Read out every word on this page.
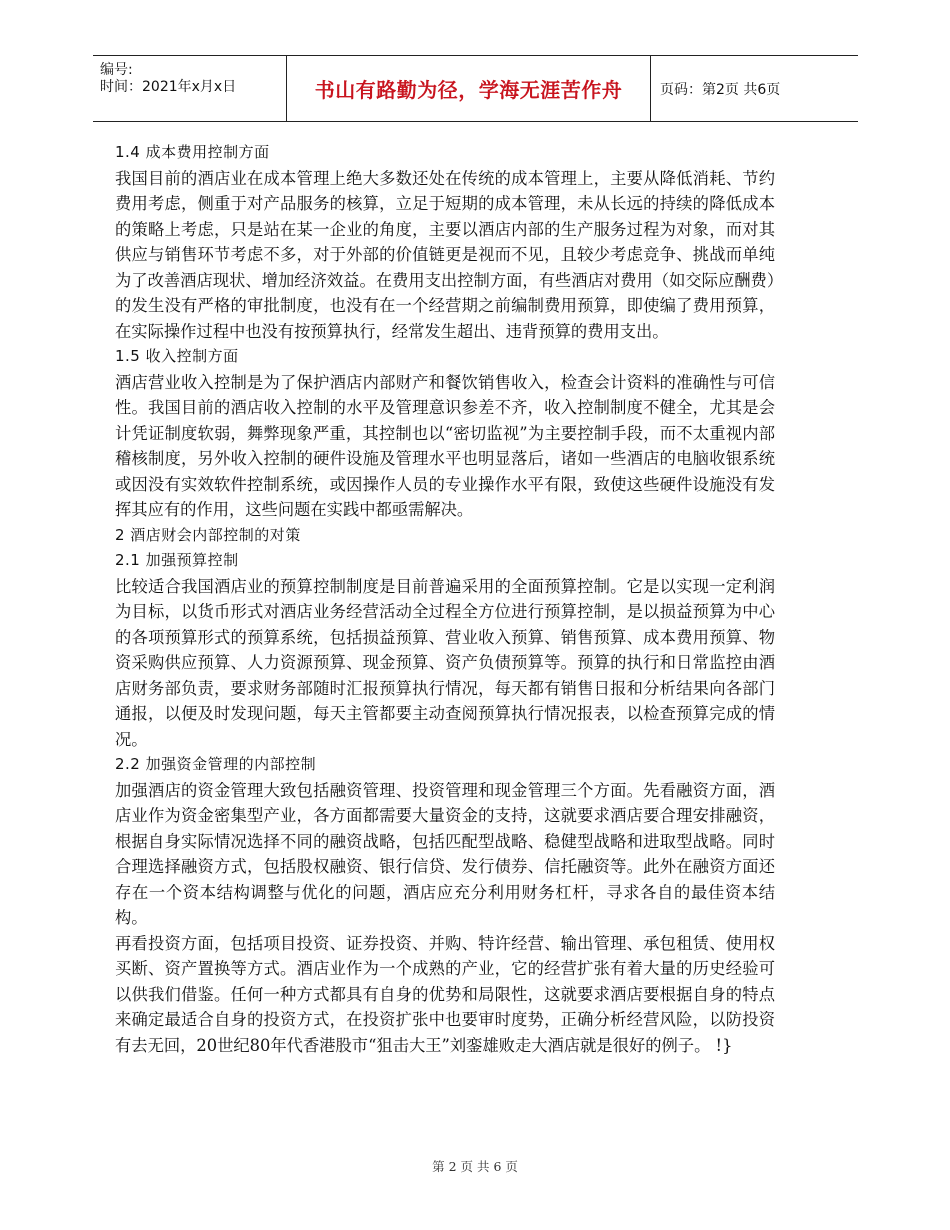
编号:
时间：2021年x月x日	书山有路勤为径，学海无涯苦作舟	页码：第2页 共6页

1.4 成本费用控制方面

我国目前的酒店业在成本管理上绝大多数还处在传统的成本管理上，主要从降低消耗、节约费用考虑，侧重于对产品服务的核算，立足于短期的成本管理，未从长远的持续的降低成本的策略上考虑，只是站在某一企业的角度，主要以酒店内部的生产服务过程为对象，而对其供应与销售环节考虑不多，对于外部的价值链更是视而不见，且较少考虑竞争、挑战而单纯为了改善酒店现状、增加经济效益。在费用支出控制方面，有些酒店对费用（如交际应酬费）的发生没有严格的审批制度，也没有在一个经营期之前编制费用预算，即使编了费用预算，在实际操作过程中也没有按预算执行，经常发生超出、违背预算的费用支出。

1.5 收入控制方面

酒店营业收入控制是为了保护酒店内部财产和餐饮销售收入，检查会计资料的准确性与可信性。我国目前的酒店收入控制的水平及管理意识参差不齐，收入控制制度不健全，尤其是会计凭证制度软弱，舞弊现象严重，其控制也以“密切监视”为主要控制手段，而不太重视内部稽核制度，另外收入控制的硬件设施及管理水平也明显落后，诸如一些酒店的电脑收银系统或因没有实效软件控制系统，或因操作人员的专业操作水平有限，致使这些硬件设施没有发挥其应有的作用，这些问题在实践中都亟需解决。

2 酒店财会内部控制的对策

2.1 加强预算控制

比较适合我国酒店业的预算控制制度是目前普遍采用的全面预算控制。它是以实现一定利润为目标，以货币形式对酒店业务经营活动全过程全方位进行预算控制，是以损益预算为中心的各项预算形式的预算系统，包括损益预算、营业收入预算、销售预算、成本费用预算、物资采购供应预算、人力资源预算、现金预算、资产负债预算等。预算的执行和日常监控由酒店财务部负责，要求财务部随时汇报预算执行情况，每天都有销售日报和分析结果向各部门通报，以便及时发现问题，每天主管都要主动查阅预算执行情况报表，以检查预算完成的情况。

2.2 加强资金管理的内部控制

加强酒店的资金管理大致包括融资管理、投资管理和现金管理三个方面。先看融资方面，酒店业作为资金密集型产业，各方面都需要大量资金的支持，这就要求酒店要合理安排融资，根据自身实际情况选择不同的融资战略，包括匹配型战略、稳健型战略和进取型战略。同时合理选择融资方式，包括股权融资、银行信贷、发行债券、信托融资等。此外在融资方面还存在一个资本结构调整与优化的问题，酒店应充分利用财务杠杆，寻求各自的最佳资本结构。

再看投资方面，包括项目投资、证券投资、并购、特许经营、输出管理、承包租赁、使用权买断、资产置换等方式。酒店业作为一个成熟的产业，它的经营扩张有着大量的历史经验可以供我们借鉴。任何一种方式都具有自身的优势和局限性，这就要求酒店要根据自身的特点来确定最适合自身的投资方式，在投资扩张中也要审时度势，正确分析经营风险，以防投资有去无回，20世纪80年代香港股市“狙击大王”刘銮雄败走大酒店就是很好的例子。 !}

第 2 页 共 6 页
